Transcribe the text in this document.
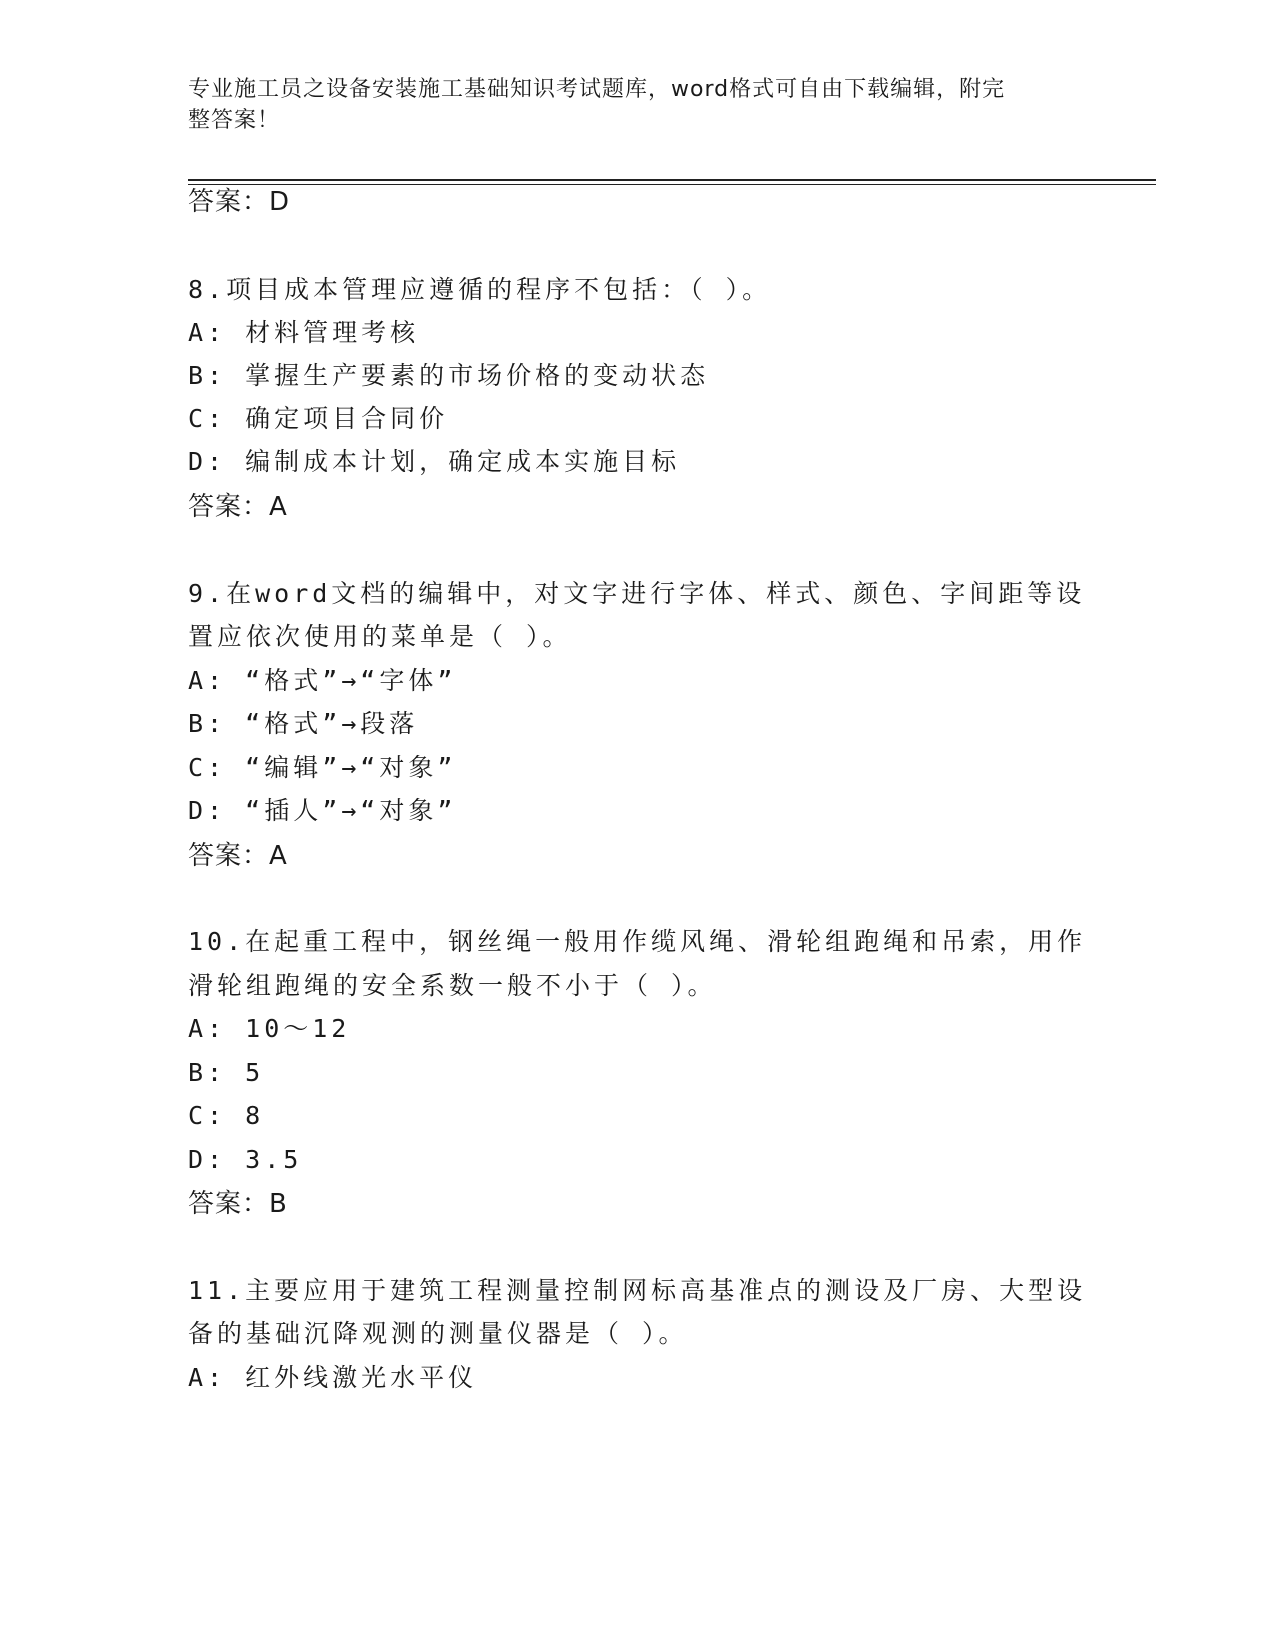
专业施工员之设备安装施工基础知识考试题库，word格式可自由下载编辑，附完
整答案！
答案：D
8.项目成本管理应遵循的程序不包括：（ ）。
A: 材料管理考核
B: 掌握生产要素的市场价格的变动状态
C: 确定项目合同价
D: 编制成本计划，确定成本实施目标
答案：A
9.在word文档的编辑中，对文字进行字体、样式、颜色、字间距等设
置应依次使用的菜单是（ ）。
A: “格式”→“字体”
B: “格式”→段落
C: “编辑”→“对象”
D: “插人”→“对象”
答案：A
10.在起重工程中，钢丝绳一般用作缆风绳、滑轮组跑绳和吊索，用作
滑轮组跑绳的安全系数一般不小于（ ）。
A: 10～12
B: 5
C: 8
D: 3.5
答案：B
11.主要应用于建筑工程测量控制网标高基准点的测设及厂房、大型设
备的基础沉降观测的测量仪器是（ ）。
A: 红外线激光水平仪
